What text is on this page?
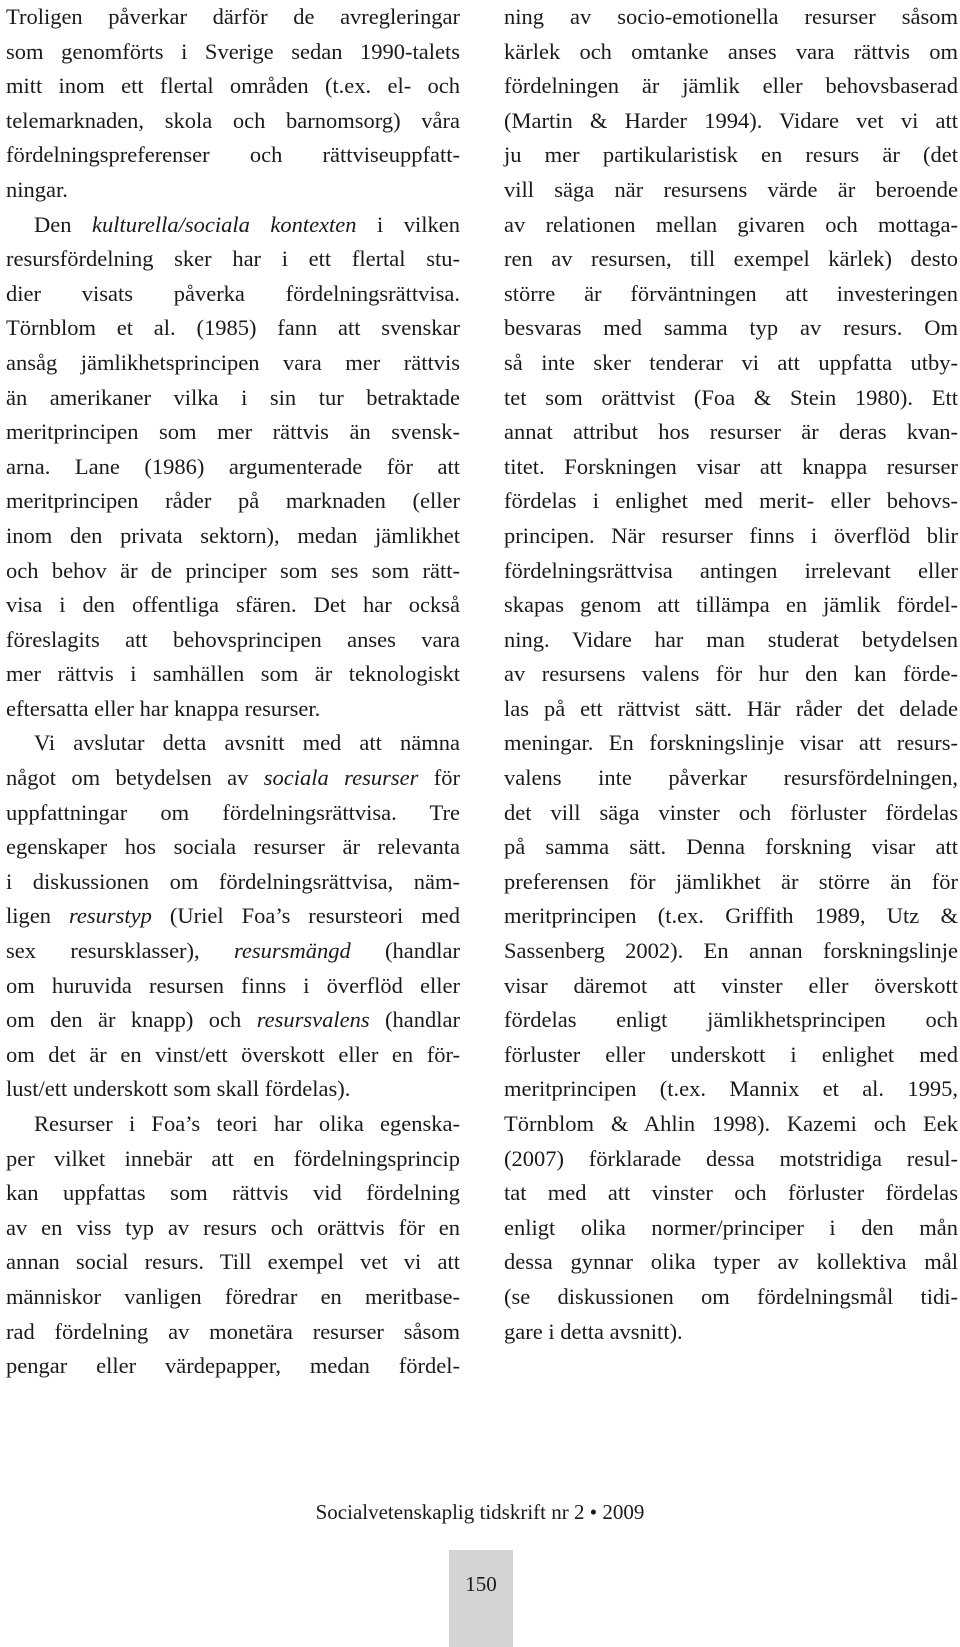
Troligen påverkar därför de avregleringar
som genomförts i Sverige sedan 1990-talets
mitt inom ett flertal områden (t.ex. el- och
telemarknaden, skola och barnomsorg) våra
fördelningspreferenser och rättviseuppfatt-
ningar.
Den kulturella/sociala kontexten i vilken
resursfördelning sker har i ett flertal stu-
dier visats påverka fördelningsrättvisa.
Törnblom et al. (1985) fann att svenskar
ansåg jämlikhetsprincipen vara mer rättvis
än amerikaner vilka i sin tur betraktade
meritprincipen som mer rättvis än svensk-
arna. Lane (1986) argumenterade för att
meritprincipen råder på marknaden (eller
inom den privata sektorn), medan jämlikhet
och behov är de principer som ses som rätt-
visa i den offentliga sfären. Det har också
föreslagits att behovsprincipen anses vara
mer rättvis i samhällen som är teknologiskt
eftersatta eller har knappa resurser.
Vi avslutar detta avsnitt med att nämna
något om betydelsen av sociala resurser för
uppfattningar om fördelningsrättvisa. Tre
egenskaper hos sociala resurser är relevanta
i diskussionen om fördelningsrättvisa, näm-
ligen resurstyp (Uriel Foa’s resursteori med
sex resursklasser), resursmängd (handlar
om huruvida resursen finns i överflöd eller
om den är knapp) och resursvalens (handlar
om det är en vinst/ett överskott eller en för-
lust/ett underskott som skall fördelas).
Resurser i Foa’s teori har olika egenska-
per vilket innebär att en fördelningsprincip
kan uppfattas som rättvis vid fördelning
av en viss typ av resurs och orättvis för en
annan social resurs. Till exempel vet vi att
människor vanligen föredrar en meritbase-
rad fördelning av monetära resurser såsom
pengar eller värdepapper, medan fördel-
ning av socio-emotionella resurser såsom
kärlek och omtanke anses vara rättvis om
fördelningen är jämlik eller behovsbaserad
(Martin & Harder 1994). Vidare vet vi att
ju mer partikularistisk en resurs är (det
vill säga när resursens värde är beroende
av relationen mellan givaren och mottaga-
ren av resursen, till exempel kärlek) desto
större är förväntningen att investeringen
besvaras med samma typ av resurs. Om
så inte sker tenderar vi att uppfatta utby-
tet som orättvist (Foa & Stein 1980). Ett
annat attribut hos resurser är deras kvan-
titet. Forskningen visar att knappa resurser
fördelas i enlighet med merit- eller behovs-
principen. När resurser finns i överflöd blir
fördelningsrättvisa antingen irrelevant eller
skapas genom att tillämpa en jämlik fördel-
ning. Vidare har man studerat betydelsen
av resursens valens för hur den kan förde-
las på ett rättvist sätt. Här råder det delade
meningar. En forskningslinje visar att resurs-
valens inte påverkar resursfördelningen,
det vill säga vinster och förluster fördelas
på samma sätt. Denna forskning visar att
preferensen för jämlikhet är större än för
meritprincipen (t.ex. Griffith 1989, Utz &
Sassenberg 2002). En annan forskningslinje
visar däremot att vinster eller överskott
fördelas enligt jämlikhetsprincipen och
förluster eller underskott i enlighet med
meritprincipen (t.ex. Mannix et al. 1995,
Törnblom & Ahlin 1998). Kazemi och Eek
(2007) förklarade dessa motstridiga resul-
tat med att vinster och förluster fördelas
enligt olika normer/principer i den mån
dessa gynnar olika typer av kollektiva mål
(se diskussionen om fördelningsmål tidi-
gare i detta avsnitt).
Socialvetenskaplig tidskrift nr 2 • 2009
150
